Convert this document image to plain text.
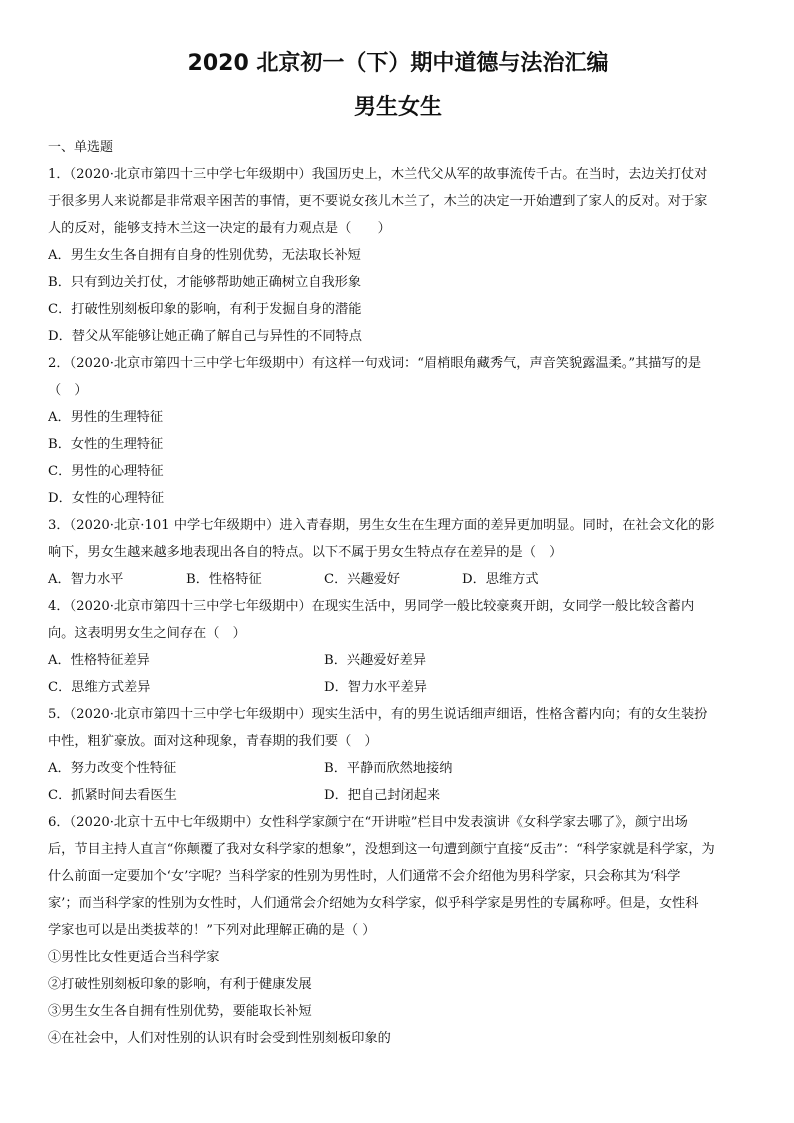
2020 北京初一（下）期中道德与法治汇编
男生女生
一、单选题
1．（2020·北京市第四十三中学七年级期中）我国历史上，木兰代父从军的故事流传千古。在当时，去边关打仗对
于很多男人来说都是非常艰辛困苦的事情，更不要说女孩儿木兰了，木兰的决定一开始遭到了家人的反对。对于家
人的反对，能够支持木兰这一决定的最有力观点是（　　）
A．男生女生各自拥有自身的性别优势，无法取长补短
B．只有到边关打仗，才能够帮助她正确树立自我形象
C．打破性别刻板印象的影响，有利于发掘自身的潜能
D．替父从军能够让她正确了解自己与异性的不同特点
2．（2020·北京市第四十三中学七年级期中）有这样一句戏词：“眉梢眼角藏秀气，声音笑貌露温柔。”其描写的是
（　）
A．男性的生理特征
B．女性的生理特征
C．男性的心理特征
D．女性的心理特征
3．（2020·北京·101 中学七年级期中）进入青春期，男生女生在生理方面的差异更加明显。同时，在社会文化的影
响下，男女生越来越多地表现出各自的特点。以下不属于男女生特点存在差异的是（　）
A．智力水平	B．性格特征	C．兴趣爱好	D．思维方式
4．（2020·北京市第四十三中学七年级期中）在现实生活中，男同学一般比较豪爽开朗，女同学一般比较含蓄内
向。这表明男女生之间存在（　）
A．性格特征差异	B．兴趣爱好差异
C．思维方式差异	D．智力水平差异
5．（2020·北京市第四十三中学七年级期中）现实生活中，有的男生说话细声细语，性格含蓄内向；有的女生装扮
中性，粗犷豪放。面对这种现象，青春期的我们要（　）
A．努力改变个性特征	B．平静而欣然地接纳
C．抓紧时间去看医生	D．把自己封闭起来
6．（2020·北京十五中七年级期中）女性科学家颜宁在“开讲啦”栏目中发表演讲《女科学家去哪了》，颜宁出场
后，节目主持人直言“你颠覆了我对女科学家的想象”，没想到这一句遭到颜宁直接“反击”：“科学家就是科学家，为
什么前面一定要加个‘女’字呢？当科学家的性别为男性时，人们通常不会介绍他为男科学家，只会称其为‘科学
家’；而当科学家的性别为女性时，人们通常会介绍她为女科学家，似乎科学家是男性的专属称呼。但是，女性科
学家也可以是出类拔萃的！”下列对此理解正确的是（ ）
①男性比女性更适合当科学家
②打破性别刻板印象的影响，有利于健康发展
③男生女生各自拥有性别优势，要能取长补短
④在社会中，人们对性别的认识有时会受到性别刻板印象的
